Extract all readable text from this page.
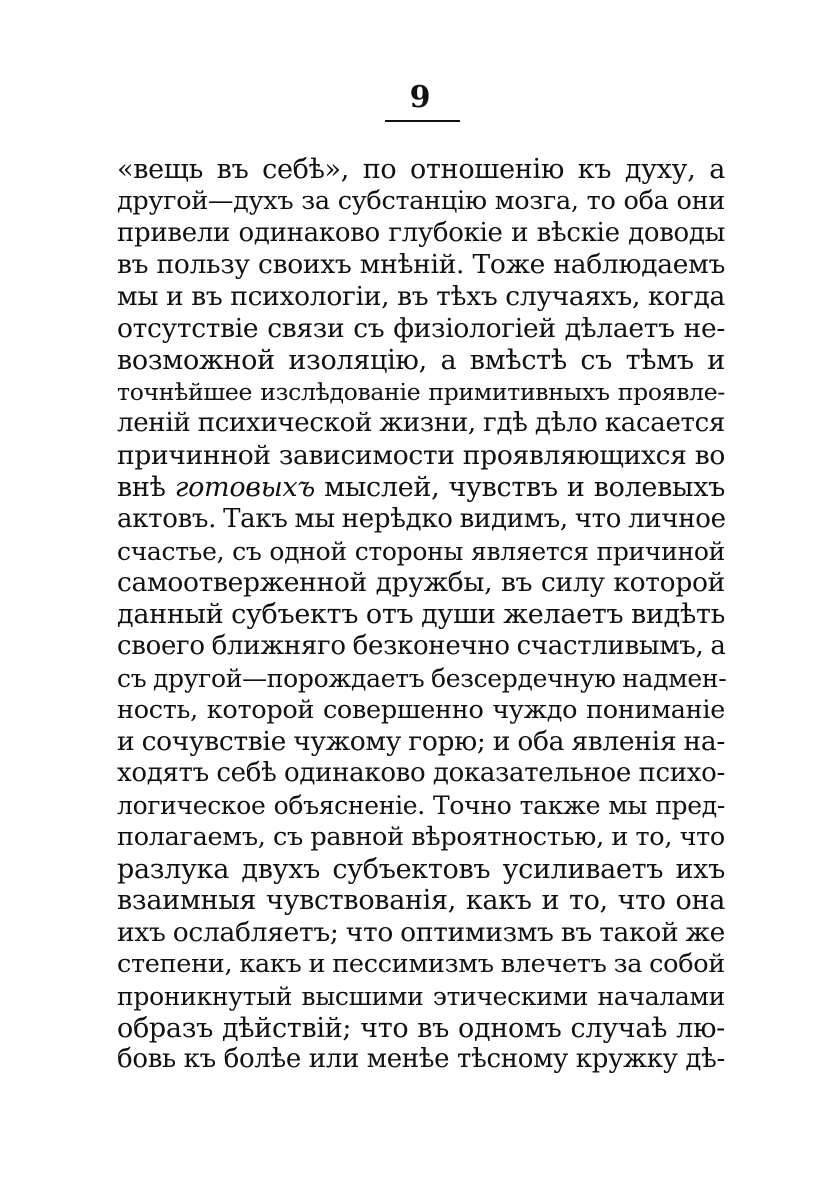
9
«вещь въ себѣ», по отношенію къ духу, а
другой—духъ за субстанцію мозга, то оба они
привели одинаково глубокіе и вѣскіе доводы
въ пользу своихъ мнѣній. Тоже наблюдаемъ
мы и въ психологіи, въ тѣхъ случаяхъ, когда
отсутствіе связи съ физіологіей дѣлаетъ не-
возможной изоляцію, а вмѣстѣ съ тѣмъ и
точнѣйшее изслѣдованіе примитивныхъ проявле-
леній психической жизни, гдѣ дѣло касается
причинной зависимости проявляющихся во
внѣ готовыхъ мыслей, чувствъ и волевыхъ
актовъ. Такъ мы нерѣдко видимъ, что личное
счастье, съ одной стороны является причиной
самоотверженной дружбы, въ силу которой
данный субъектъ отъ души желаетъ видѣть
своего ближняго безконечно счастливымъ, а
съ другой—порождаетъ безсердечную надмен-
ность, которой совершенно чуждо пониманіе
и сочувствіе чужому горю; и оба явленія на-
ходятъ себѣ одинаково доказательное психо-
логическое объясненіе. Точно также мы пред-
полагаемъ, съ равной вѣроятностью, и то, что
разлука двухъ субъектовъ усиливаетъ ихъ
взаимныя чувствованія, какъ и то, что она
ихъ ослабляетъ; что оптимизмъ въ такой же
степени, какъ и пессимизмъ влечетъ за собой
проникнутый высшими этическими началами
образъ дѣйствій; что въ одномъ случаѣ лю-
бовь къ болѣе или менѣе тѣсному кружку дѣ-
